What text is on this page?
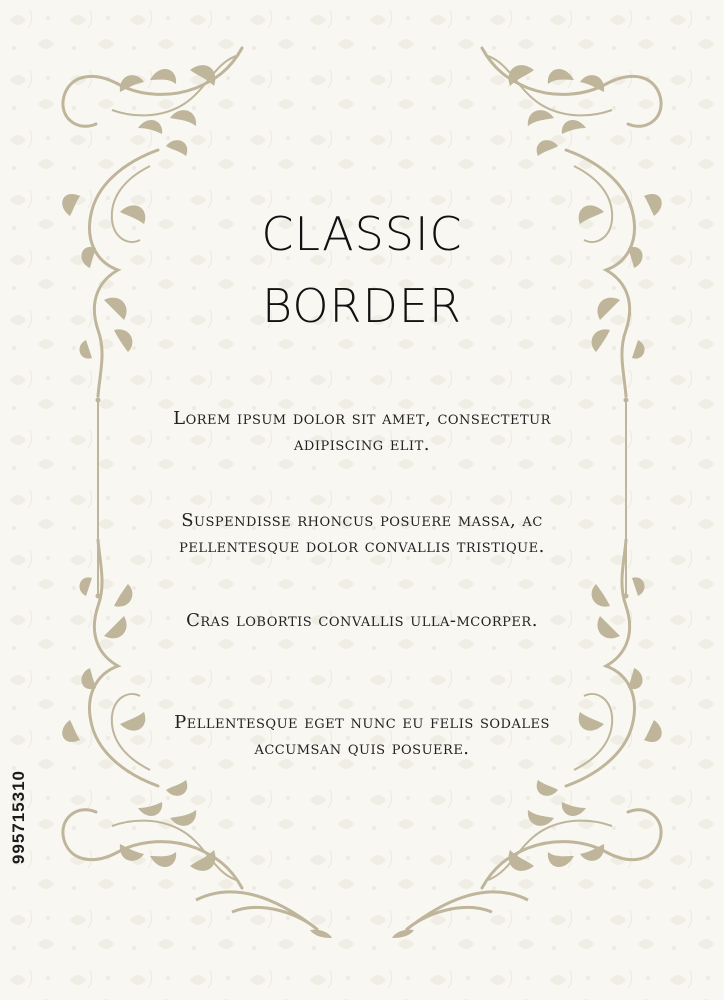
CLASSIC
BORDER
Lorem ipsum dolor sit amet, consectetur adipiscing elit.
Suspendisse rhoncus posuere massa, ac pellentesque dolor convallis tristique.
Cras lobortis convallis ulla-mcorper.
Pellentesque eget nunc eu felis sodales accumsan quis posuere.
995715310
